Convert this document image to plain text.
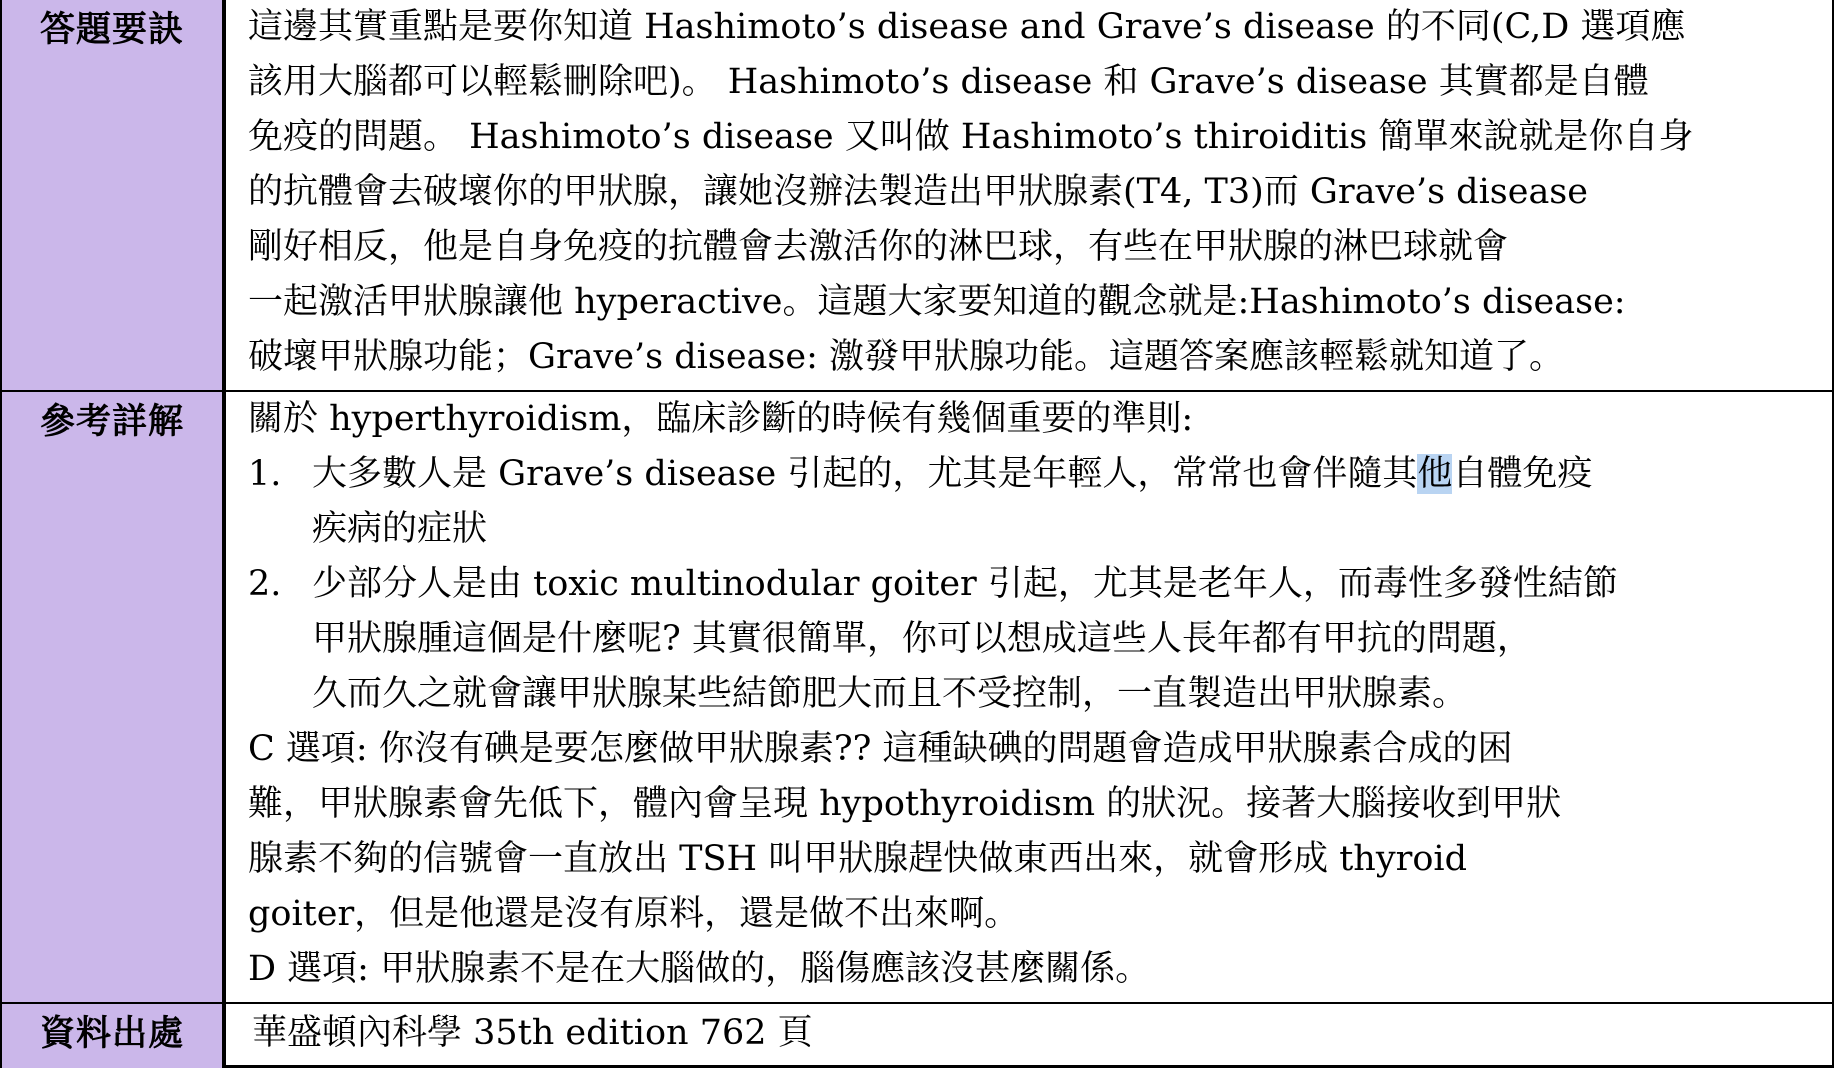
答題要訣	這邊其實重點是要你知道 Hashimoto’s disease and Grave’s disease 的不同(C,D 選項應
該用大腦都可以輕鬆刪除吧)。 Hashimoto’s disease 和 Grave’s disease 其實都是自體
免疫的問題。 Hashimoto’s disease 又叫做 Hashimoto’s thiroiditis 簡單來說就是你自身
的抗體會去破壞你的甲狀腺，讓她沒辦法製造出甲狀腺素(T4, T3)而 Grave’s disease
剛好相反，他是自身免疫的抗體會去激活你的淋巴球，有些在甲狀腺的淋巴球就會
一起激活甲狀腺讓他 hyperactive。這題大家要知道的觀念就是:Hashimoto’s disease:
破壞甲狀腺功能；Grave’s disease: 激發甲狀腺功能。這題答案應該輕鬆就知道了。
參考詳解	關於 hyperthyroidism，臨床診斷的時候有幾個重要的準則:
1. 大多數人是 Grave’s disease 引起的，尤其是年輕人，常常也會伴隨其他自體免疫
疾病的症狀
2. 少部分人是由 toxic multinodular goiter 引起，尤其是老年人，而毒性多發性結節
甲狀腺腫這個是什麼呢? 其實很簡單，你可以想成這些人長年都有甲抗的問題，
久而久之就會讓甲狀腺某些結節肥大而且不受控制，一直製造出甲狀腺素。
C 選項: 你沒有碘是要怎麼做甲狀腺素?? 這種缺碘的問題會造成甲狀腺素合成的困
難，甲狀腺素會先低下，體內會呈現 hypothyroidism 的狀況。接著大腦接收到甲狀
腺素不夠的信號會一直放出 TSH 叫甲狀腺趕快做東西出來，就會形成 thyroid
goiter，但是他還是沒有原料，還是做不出來啊。
D 選項: 甲狀腺素不是在大腦做的，腦傷應該沒甚麼關係。
資料出處	華盛頓內科學 35th edition 762 頁
